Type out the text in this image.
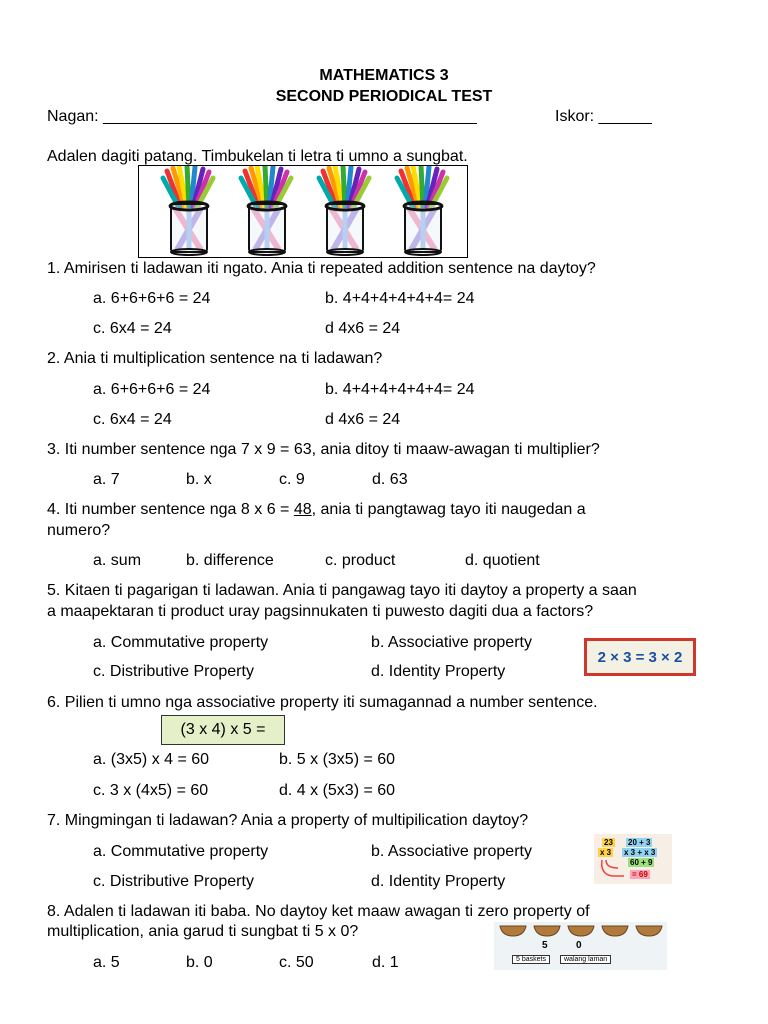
MATHEMATICS 3
SECOND PERIODICAL TEST
Nagan: __________________________________________	Iskor: ______
Adalen dagiti patang. Timbukelan ti letra ti umno a sungbat.
1. Amirisen ti ladawan iti ngato. Ania ti repeated addition sentence na daytoy?
a. 6+6+6+6 = 24	b. 4+4+4+4+4+4= 24
c. 6x4 = 24	d 4x6 = 24
2. Ania ti multiplication sentence na ti ladawan?
a. 6+6+6+6 = 24	b. 4+4+4+4+4+4= 24
c. 6x4 = 24	d 4x6 = 24
3. Iti number sentence nga 7 x 9 = 63, ania ditoy ti maaw-awagan ti multiplier?
a. 7	b. x	c. 9	d. 63
4. Iti number sentence nga 8 x 6 = 48, ania ti pangtawag tayo iti naugedan a
numero?
a. sum	b. difference	c. product	d. quotient
5. Kitaen ti pagarigan ti ladawan. Ania ti pangawag tayo iti daytoy a property a saan
a maapektaran ti product uray pagsinnukaten ti puwesto dagiti dua a factors?
a. Commutative property	b. Associative property
c. Distributive Property	d. Identity Property
2 × 3 = 3 × 2
6. Pilien ti umno nga associative property iti sumagannad a number sentence.
(3 x 4) x 5 =
a. (3x5) x 4 = 60	b. 5 x (3x5) = 60
c. 3 x (4x5) = 60	d. 4 x (5x3) = 60
7. Mingmingan ti ladawan? Ania a property of multipilication daytoy?
a. Commutative property	b. Associative property
c. Distributive Property	d. Identity Property
23
x 3
20 + 3
x 3 + x 3
60 + 9
= 69
8. Adalen ti ladawan iti baba. No daytoy ket maaw awagan ti zero property of
multiplication, ania garud ti sungbat ti 5 x 0?
a. 5	b. 0	c. 50	d. 1
5	0
5 baskets	walang laman
